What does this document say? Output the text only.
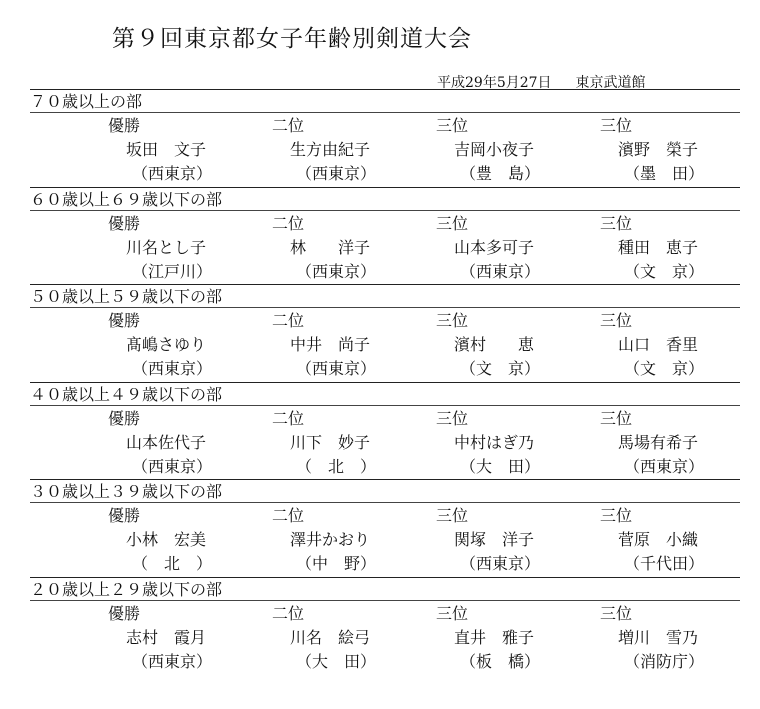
第９回東京都女子年齢別剣道大会
平成29年5月27日 東京武道館
７０歳以上の部
優勝
坂田　文子
（西東京）
二位
生方由紀子
（西東京）
三位
吉岡小夜子
（豊　島）
三位
濱野　榮子
（墨　田）
６０歳以上６９歳以下の部
優勝
川名とし子
（江戸川）
二位
林　　洋子
（西東京）
三位
山本多可子
（西東京）
三位
種田　恵子
（文　京）
５０歳以上５９歳以下の部
優勝
髙嶋さゆり
（西東京）
二位
中井　尚子
（西東京）
三位
濱村　　恵
（文　京）
三位
山口　香里
（文　京）
４０歳以上４９歳以下の部
優勝
山本佐代子
（西東京）
二位
川下　妙子
（　北　）
三位
中村はぎ乃
（大　田）
三位
馬場有希子
（西東京）
３０歳以上３９歳以下の部
優勝
小林　宏美
（　北　）
二位
澤井かおり
（中　野）
三位
関塚　洋子
（西東京）
三位
菅原　小織
（千代田）
２０歳以上２９歳以下の部
優勝
志村　霞月
（西東京）
二位
川名　絵弓
（大　田）
三位
直井　雅子
（板　橋）
三位
増川　雪乃
（消防庁）
